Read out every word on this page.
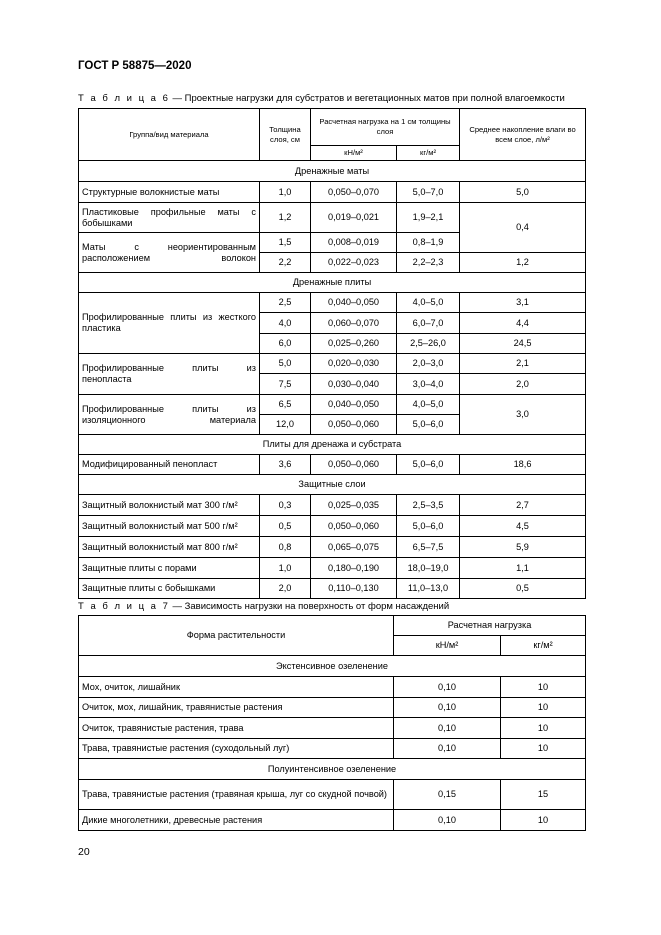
ГОСТ Р 58875—2020
Т а б л и ц а 6 — Проектные нагрузки для субстратов и вегетационных матов при полной влагоемкости
Группа/вид материала	Толщина слоя, см	Расчетная нагрузка на 1 см толщины слоя		Среднее накопление влаги во всем слое, л/м²
		кН/м²	кг/м²	
Дренажные маты				
Структурные волокнистые маты	1,0	0,050–0,070	5,0–7,0	5,0
Пластиковые профильные маты с бобышками	1,2	0,019–0,021	1,9–2,1	0,4
Маты с неориентированным расположением волокон	1,5	0,008–0,019	0,8–1,9	
	2,2	0,022–0,023	2,2–2,3	1,2
Дренажные плиты				
Профилированные плиты из жесткого пластика	2,5	0,040–0,050	4,0–5,0	3,1
	4,0	0,060–0,070	6,0–7,0	4,4
	6,0	0,025–0,260	2,5–26,0	24,5
Профилированные плиты из пенопласта	5,0	0,020–0,030	2,0–3,0	2,1
	7,5	0,030–0,040	3,0–4,0	2,0
Профилированные плиты из изоляционного материала	6,5	0,040–0,050	4,0–5,0	3,0
	12,0	0,050–0,060	5,0–6,0	
Плиты для дренажа и субстрата				
Модифицированный пенопласт	3,6	0,050–0,060	5,0–6,0	18,6
Защитные слои				
Защитный волокнистый мат 300 г/м²	0,3	0,025–0,035	2,5–3,5	2,7
Защитный волокнистый мат 500 г/м²	0,5	0,050–0,060	5,0–6,0	4,5
Защитный волокнистый мат 800 г/м²	0,8	0,065–0,075	6,5–7,5	5,9
Защитные плиты с порами	1,0	0,180–0,190	18,0–19,0	1,1
Защитные плиты с бобышками	2,0	0,110–0,130	11,0–13,0	0,5
Т а б л и ц а 7 — Зависимость нагрузки на поверхность от форм насаждений
Форма растительности	Расчетная нагрузка	
	кН/м²	кг/м²
Экстенсивное озеленение		
Мох, очиток, лишайник	0,10	10
Очиток, мох, лишайник, травянистые растения	0,10	10
Очиток, травянистые растения, трава	0,10	10
Трава, травянистые растения (суходольный луг)	0,10	10
Полуинтенсивное озеленение		
Трава, травянистые растения (травяная крыша, луг со скудной почвой)	0,15	15
Дикие многолетники, древесные растения	0,10	10
20
